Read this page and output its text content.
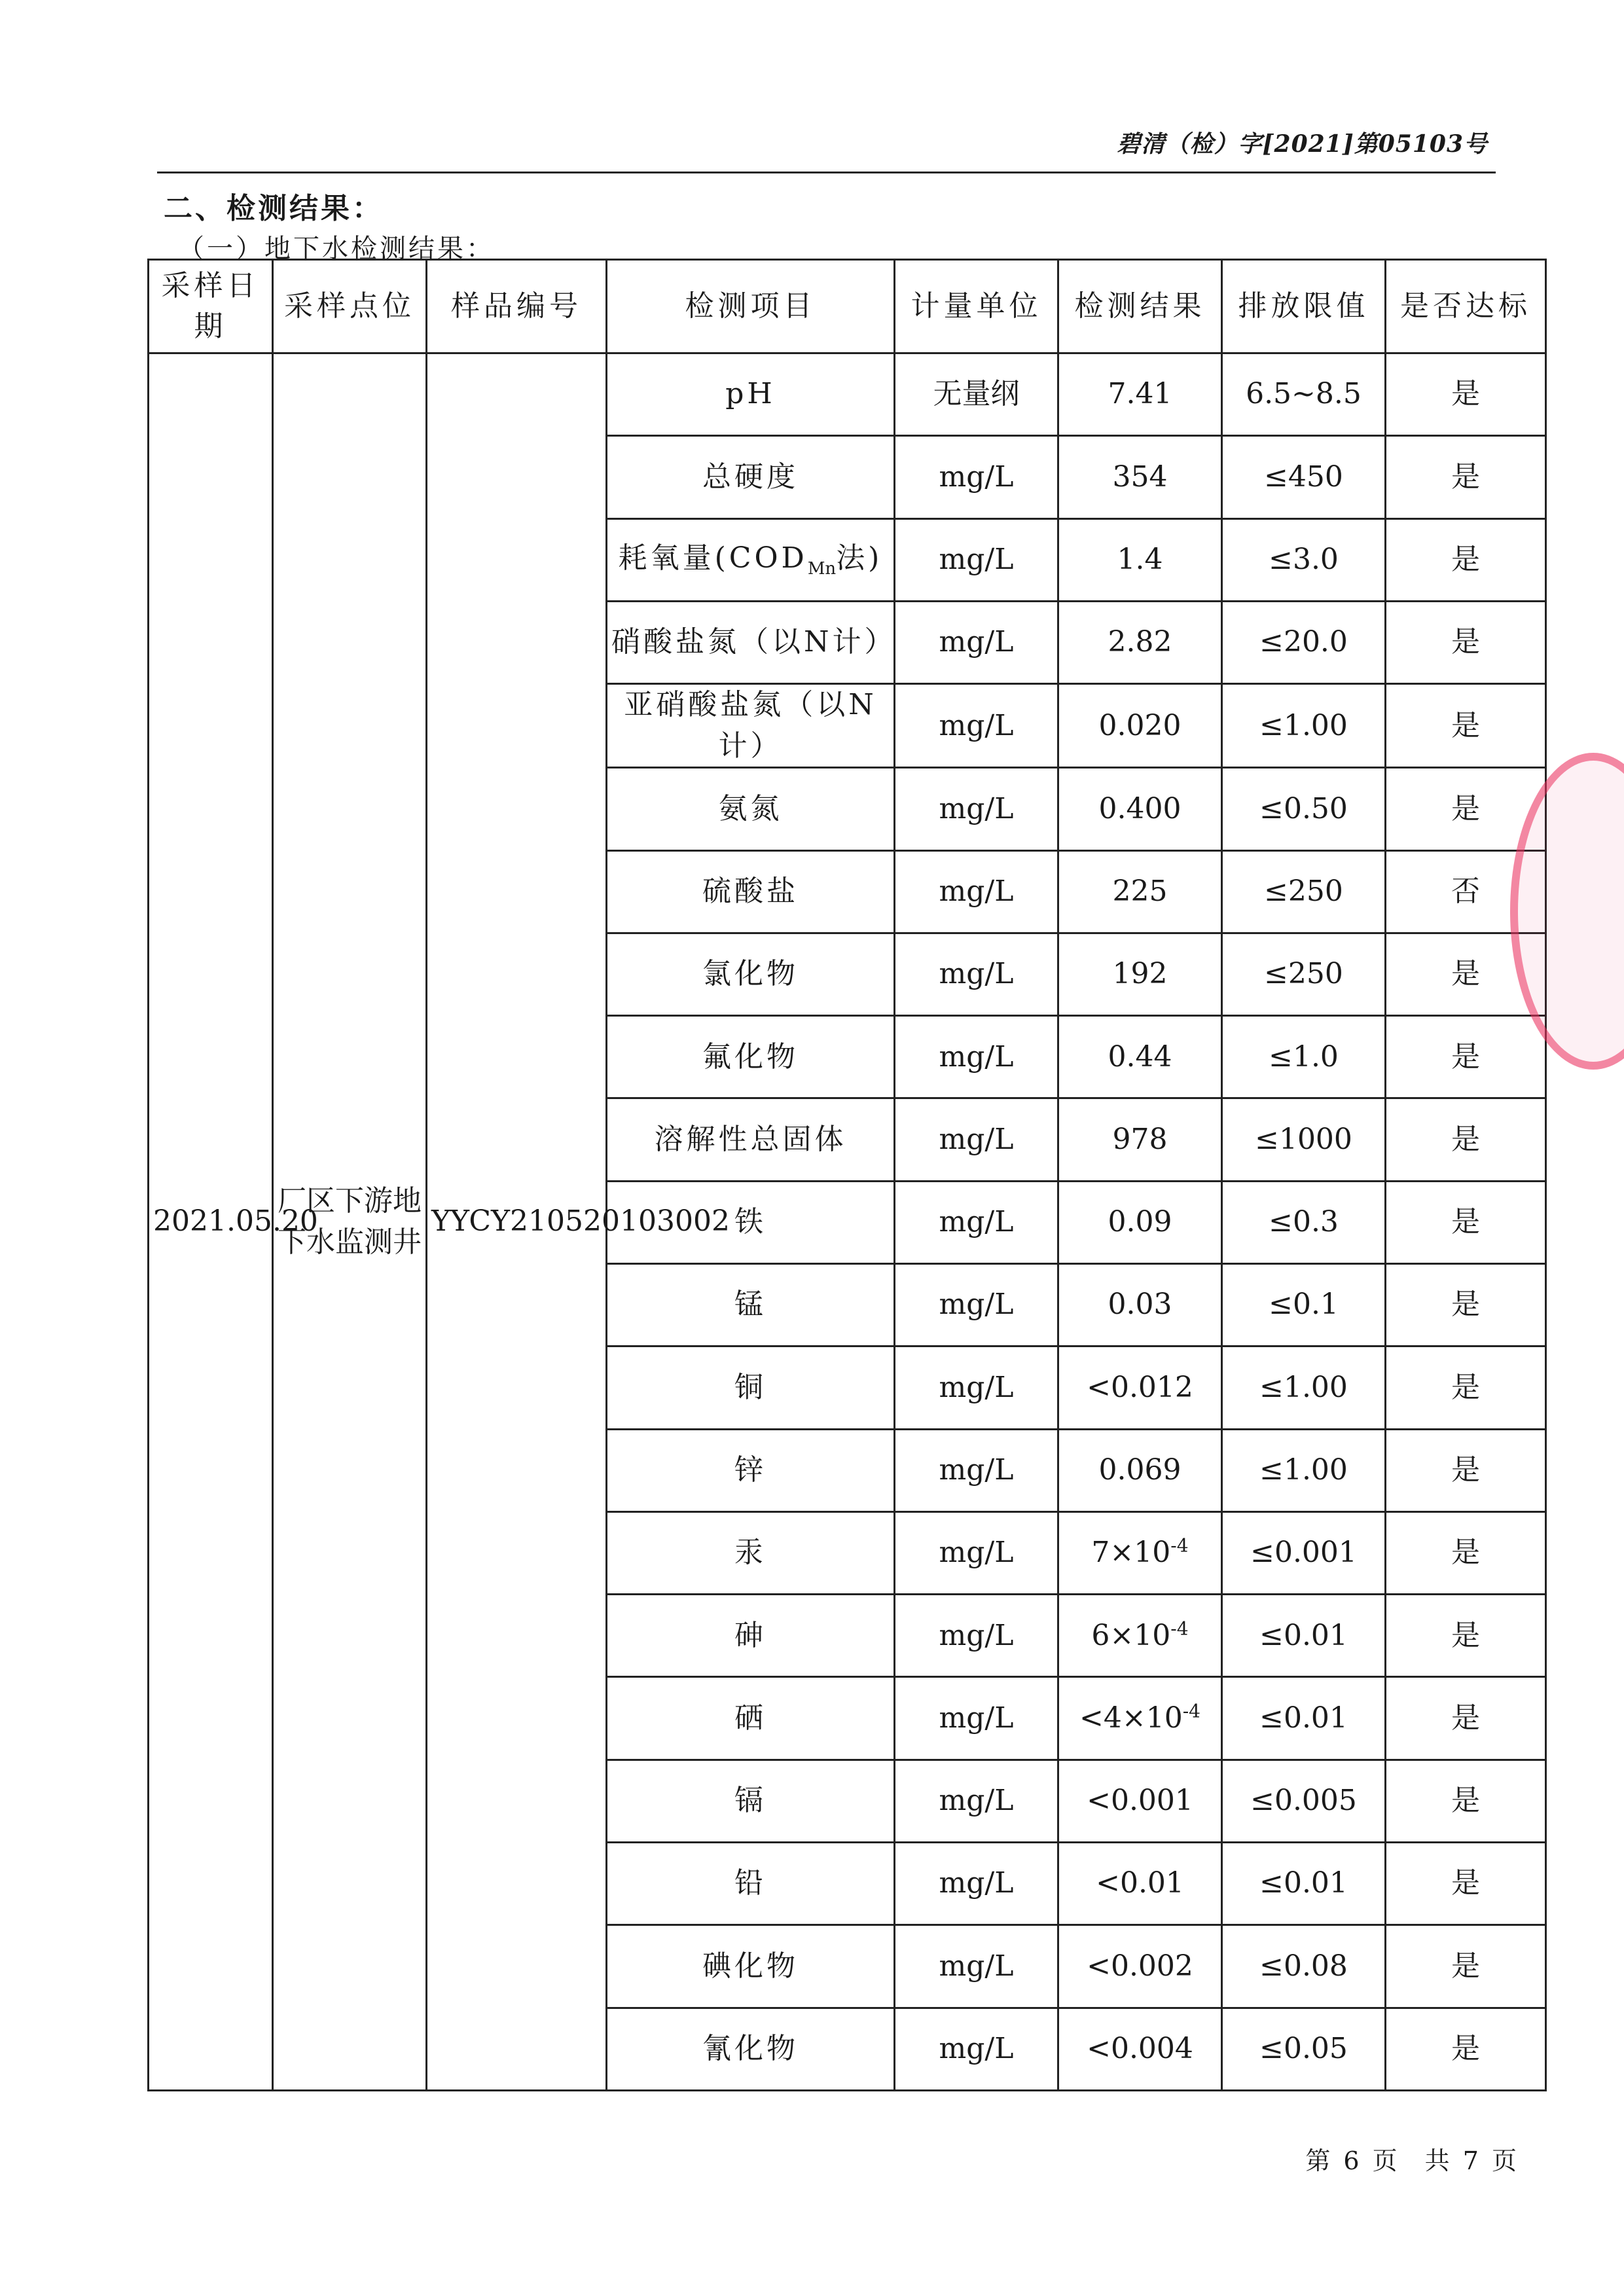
碧清（检）字[2021]第05103号
二、检测结果：
（一）地下水检测结果：
采样日期	采样点位	样品编号	检测项目	计量单位	检测结果	排放限值	是否达标
2021.05.20	厂区下游地下水监测井	YYCY210520103002	pH	无量纲	7.41	6.5~8.5	是
			总硬度	mg/L	354	≤450	是
			耗氧量($COD_{Mn}$法)	mg/L	1.4	≤3.0	是
			硝酸盐氮（以N计）	mg/L	2.82	≤20.0	是
			亚硝酸盐氮（以N计）	mg/L	0.020	≤1.00	是
			氨氮	mg/L	0.400	≤0.50	是
			硫酸盐	mg/L	225	≤250	否
			氯化物	mg/L	192	≤250	是
			氟化物	mg/L	0.44	≤1.0	是
			溶解性总固体	mg/L	978	≤1000	是
			铁	mg/L	0.09	≤0.3	是
			锰	mg/L	0.03	≤0.1	是
			铜	mg/L	<0.012	≤1.00	是
			锌	mg/L	0.069	≤1.00	是
			汞	mg/L	$7\times 10^{-4}$	≤0.001	是
			砷	mg/L	$6\times 10^{-4}$	≤0.01	是
			硒	mg/L	$<4\times 10^{-4}$	≤0.01	是
			镉	mg/L	<0.001	≤0.005	是
			铅	mg/L	<0.01	≤0.01	是
			碘化物	mg/L	<0.002	≤0.08	是
			氰化物	mg/L	<0.004	≤0.05	是
第 6 页 共 7 页
